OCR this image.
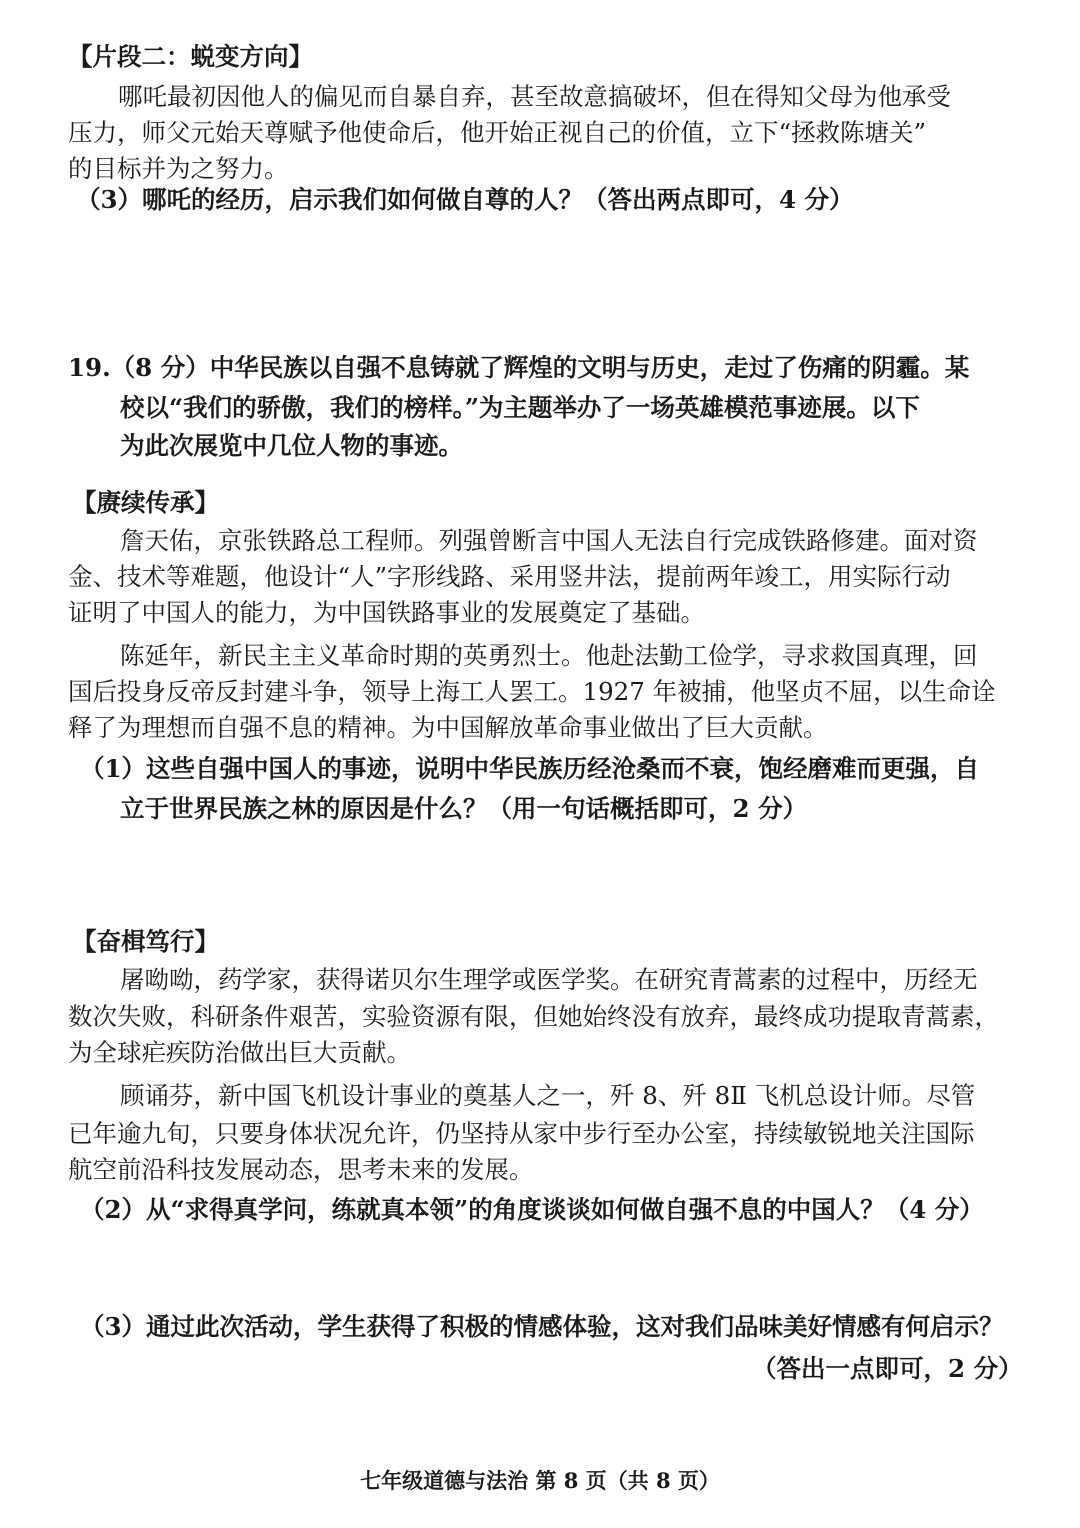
【片段二：蜕变方向】
哪吒最初因他人的偏见而自暴自弃，甚至故意搞破坏，但在得知父母为他承受
压力，师父元始天尊赋予他使命后，他开始正视自己的价值，立下“拯救陈塘关”
的目标并为之努力。
（3）哪吒的经历，启示我们如何做自尊的人？（答出两点即可，4 分）
19.（8 分）中华民族以自强不息铸就了辉煌的文明与历史，走过了伤痛的阴霾。某
校以“我们的骄傲，我们的榜样。”为主题举办了一场英雄模范事迹展。以下
为此次展览中几位人物的事迹。
【赓续传承】
詹天佑，京张铁路总工程师。列强曾断言中国人无法自行完成铁路修建。面对资
金、技术等难题，他设计“人”字形线路、采用竖井法，提前两年竣工，用实际行动
证明了中国人的能力，为中国铁路事业的发展奠定了基础。
陈延年，新民主主义革命时期的英勇烈士。他赴法勤工俭学，寻求救国真理，回
国后投身反帝反封建斗争，领导上海工人罢工。1927 年被捕，他坚贞不屈，以生命诠
释了为理想而自强不息的精神。为中国解放革命事业做出了巨大贡献。
（1）这些自强中国人的事迹，说明中华民族历经沧桑而不衰，饱经磨难而更强，自
立于世界民族之林的原因是什么？（用一句话概括即可，2 分）
【奋楫笃行】
屠呦呦，药学家，获得诺贝尔生理学或医学奖。在研究青蒿素的过程中，历经无
数次失败，科研条件艰苦，实验资源有限，但她始终没有放弃，最终成功提取青蒿素，
为全球疟疾防治做出巨大贡献。
顾诵芬，新中国飞机设计事业的奠基人之一，歼 8、歼 8Ⅱ 飞机总设计师。尽管
已年逾九旬，只要身体状况允许，仍坚持从家中步行至办公室，持续敏锐地关注国际
航空前沿科技发展动态，思考未来的发展。
（2）从“求得真学问，练就真本领”的角度谈谈如何做自强不息的中国人？（4 分）
（3）通过此次活动，学生获得了积极的情感体验，这对我们品味美好情感有何启示？
（答出一点即可，2 分）
七年级道德与法治 第 8 页（共 8 页）
